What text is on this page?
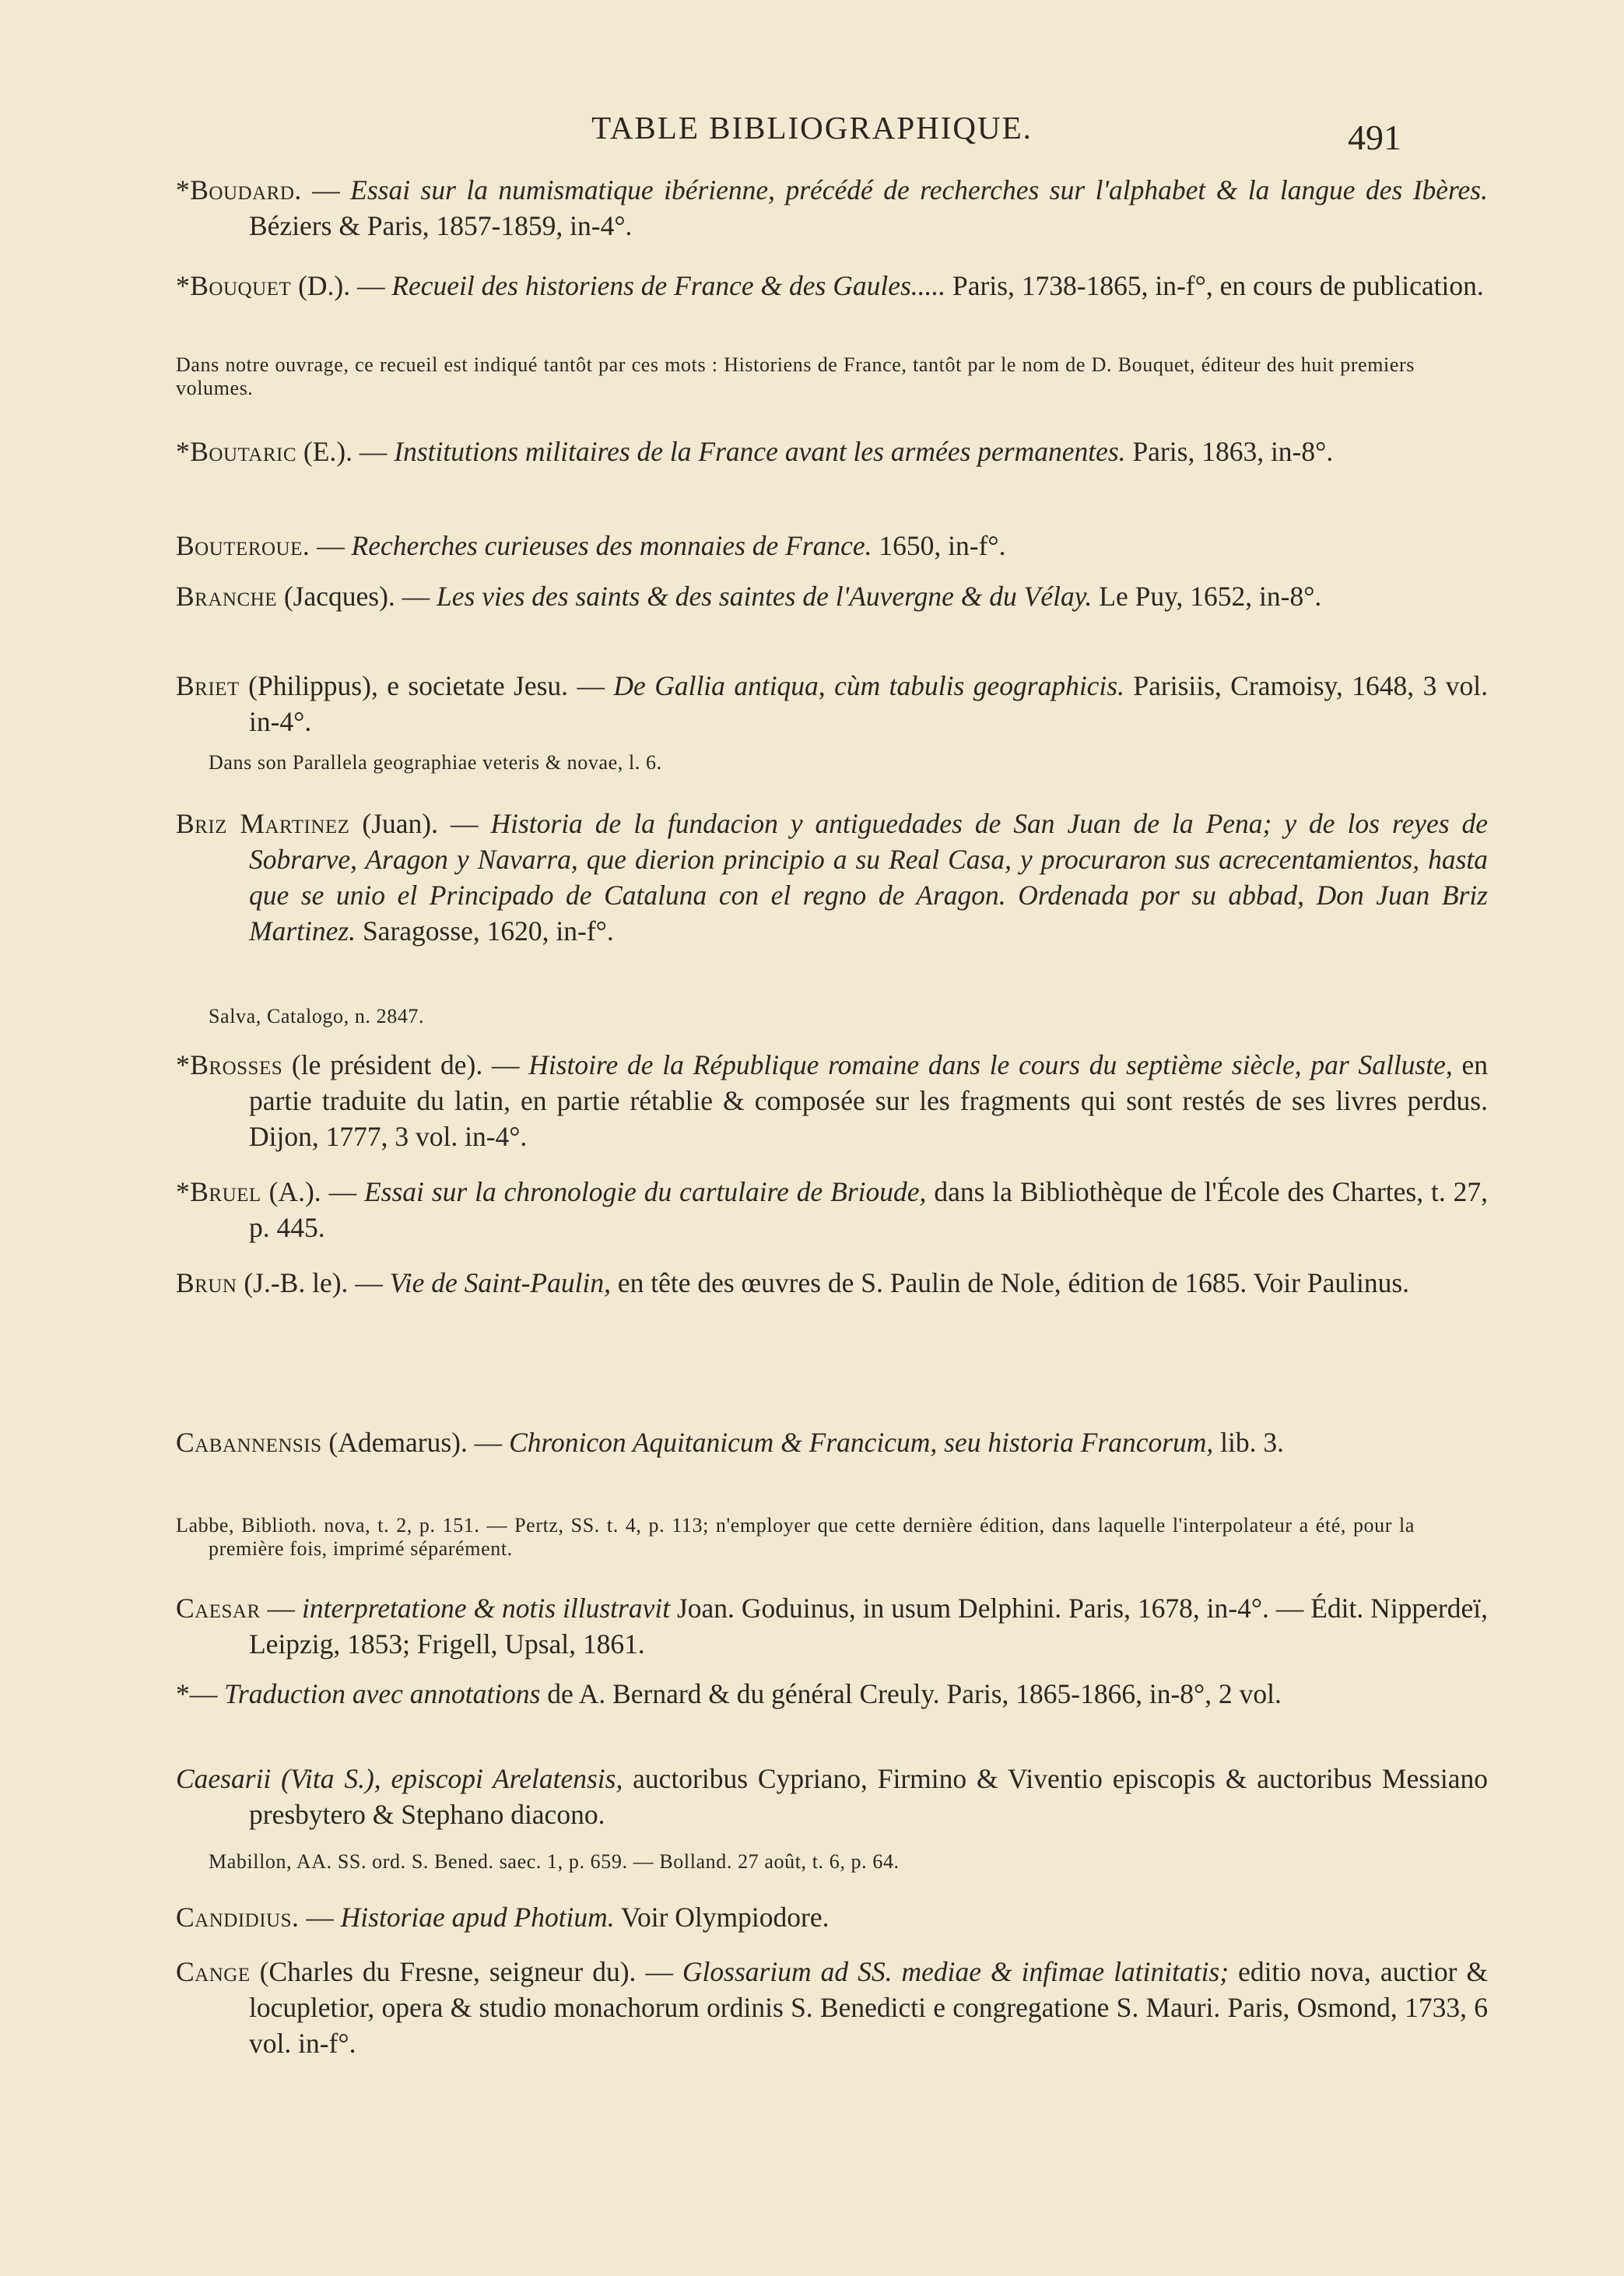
TABLE BIBLIOGRAPHIQUE.	491
*Boudard. — Essai sur la numismatique ibérienne, précédé de recherches sur l'alphabet & la langue des Ibères. Béziers & Paris, 1857-1859, in-4°.
*Bouquet (D.). — Recueil des historiens de France & des Gaules..... Paris, 1738-1865, in-f°, en cours de publication.
Dans notre ouvrage, ce recueil est indiqué tantôt par ces mots : Historiens de France, tantôt par le nom de D. Bouquet, éditeur des huit premiers volumes.
*Boutaric (E.). — Institutions militaires de la France avant les armées permanentes. Paris, 1863, in-8°.
Bouteroue. — Recherches curieuses des monnaies de France. 1650, in-f°.
Branche (Jacques). — Les vies des saints & des saintes de l'Auvergne & du Vélay. Le Puy, 1652, in-8°.
Briet (Philippus), e societate Jesu. — De Gallia antiqua, cùm tabulis geographicis. Parisiis, Cramoisy, 1648, 3 vol. in-4°.
Dans son Parallela geographiae veteris & novae, l. 6.
Briz Martinez (Juan). — Historia de la fundacion y antiguedades de San Juan de la Pena; y de los reyes de Sobrarve, Aragon y Navarra, que dierion principio a su Real Casa, y procuraron sus acrecentamientos, hasta que se unio el Principado de Cataluna con el regno de Aragon. Ordenada por su abbad, Don Juan Briz Martinez. Saragosse, 1620, in-f°.
Salva, Catalogo, n. 2847.
*Brosses (le président de). — Histoire de la République romaine dans le cours du septième siècle, par Salluste, en partie traduite du latin, en partie rétablie & composée sur les fragments qui sont restés de ses livres perdus. Dijon, 1777, 3 vol. in-4°.
*Bruel (A.). — Essai sur la chronologie du cartulaire de Brioude, dans la Bibliothèque de l'École des Chartes, t. 27, p. 445.
Brun (J.-B. le). — Vie de Saint-Paulin, en tête des œuvres de S. Paulin de Nole, édition de 1685. Voir Paulinus.
Cabannensis (Ademarus). — Chronicon Aquitanicum & Francicum, seu historia Francorum, lib. 3.
Labbe, Biblioth. nova, t. 2, p. 151. — Pertz, SS. t. 4, p. 113; n'employer que cette dernière édition, dans laquelle l'interpolateur a été, pour la première fois, imprimé séparément.
Caesar — interpretatione & notis illustravit Joan. Goduinus, in usum Delphini. Paris, 1678, in-4°. — Édit. Nipperdeï, Leipzig, 1853; Frigell, Upsal, 1861.
*— Traduction avec annotations de A. Bernard & du général Creuly. Paris, 1865-1866, in-8°, 2 vol.
Caesarii (Vita S.), episcopi Arelatensis, auctoribus Cypriano, Firmino & Viventio episcopis & auctoribus Messiano presbytero & Stephano diacono.
Mabillon, AA. SS. ord. S. Bened. saec. 1, p. 659. — Bolland. 27 août, t. 6, p. 64.
Candidius. — Historiae apud Photium. Voir Olympiodore.
Cange (Charles du Fresne, seigneur du). — Glossarium ad SS. mediae & infimae latinitatis; editio nova, auctior & locupletior, opera & studio monachorum ordinis S. Benedicti e congregatione S. Mauri. Paris, Osmond, 1733, 6 vol. in-f°.
